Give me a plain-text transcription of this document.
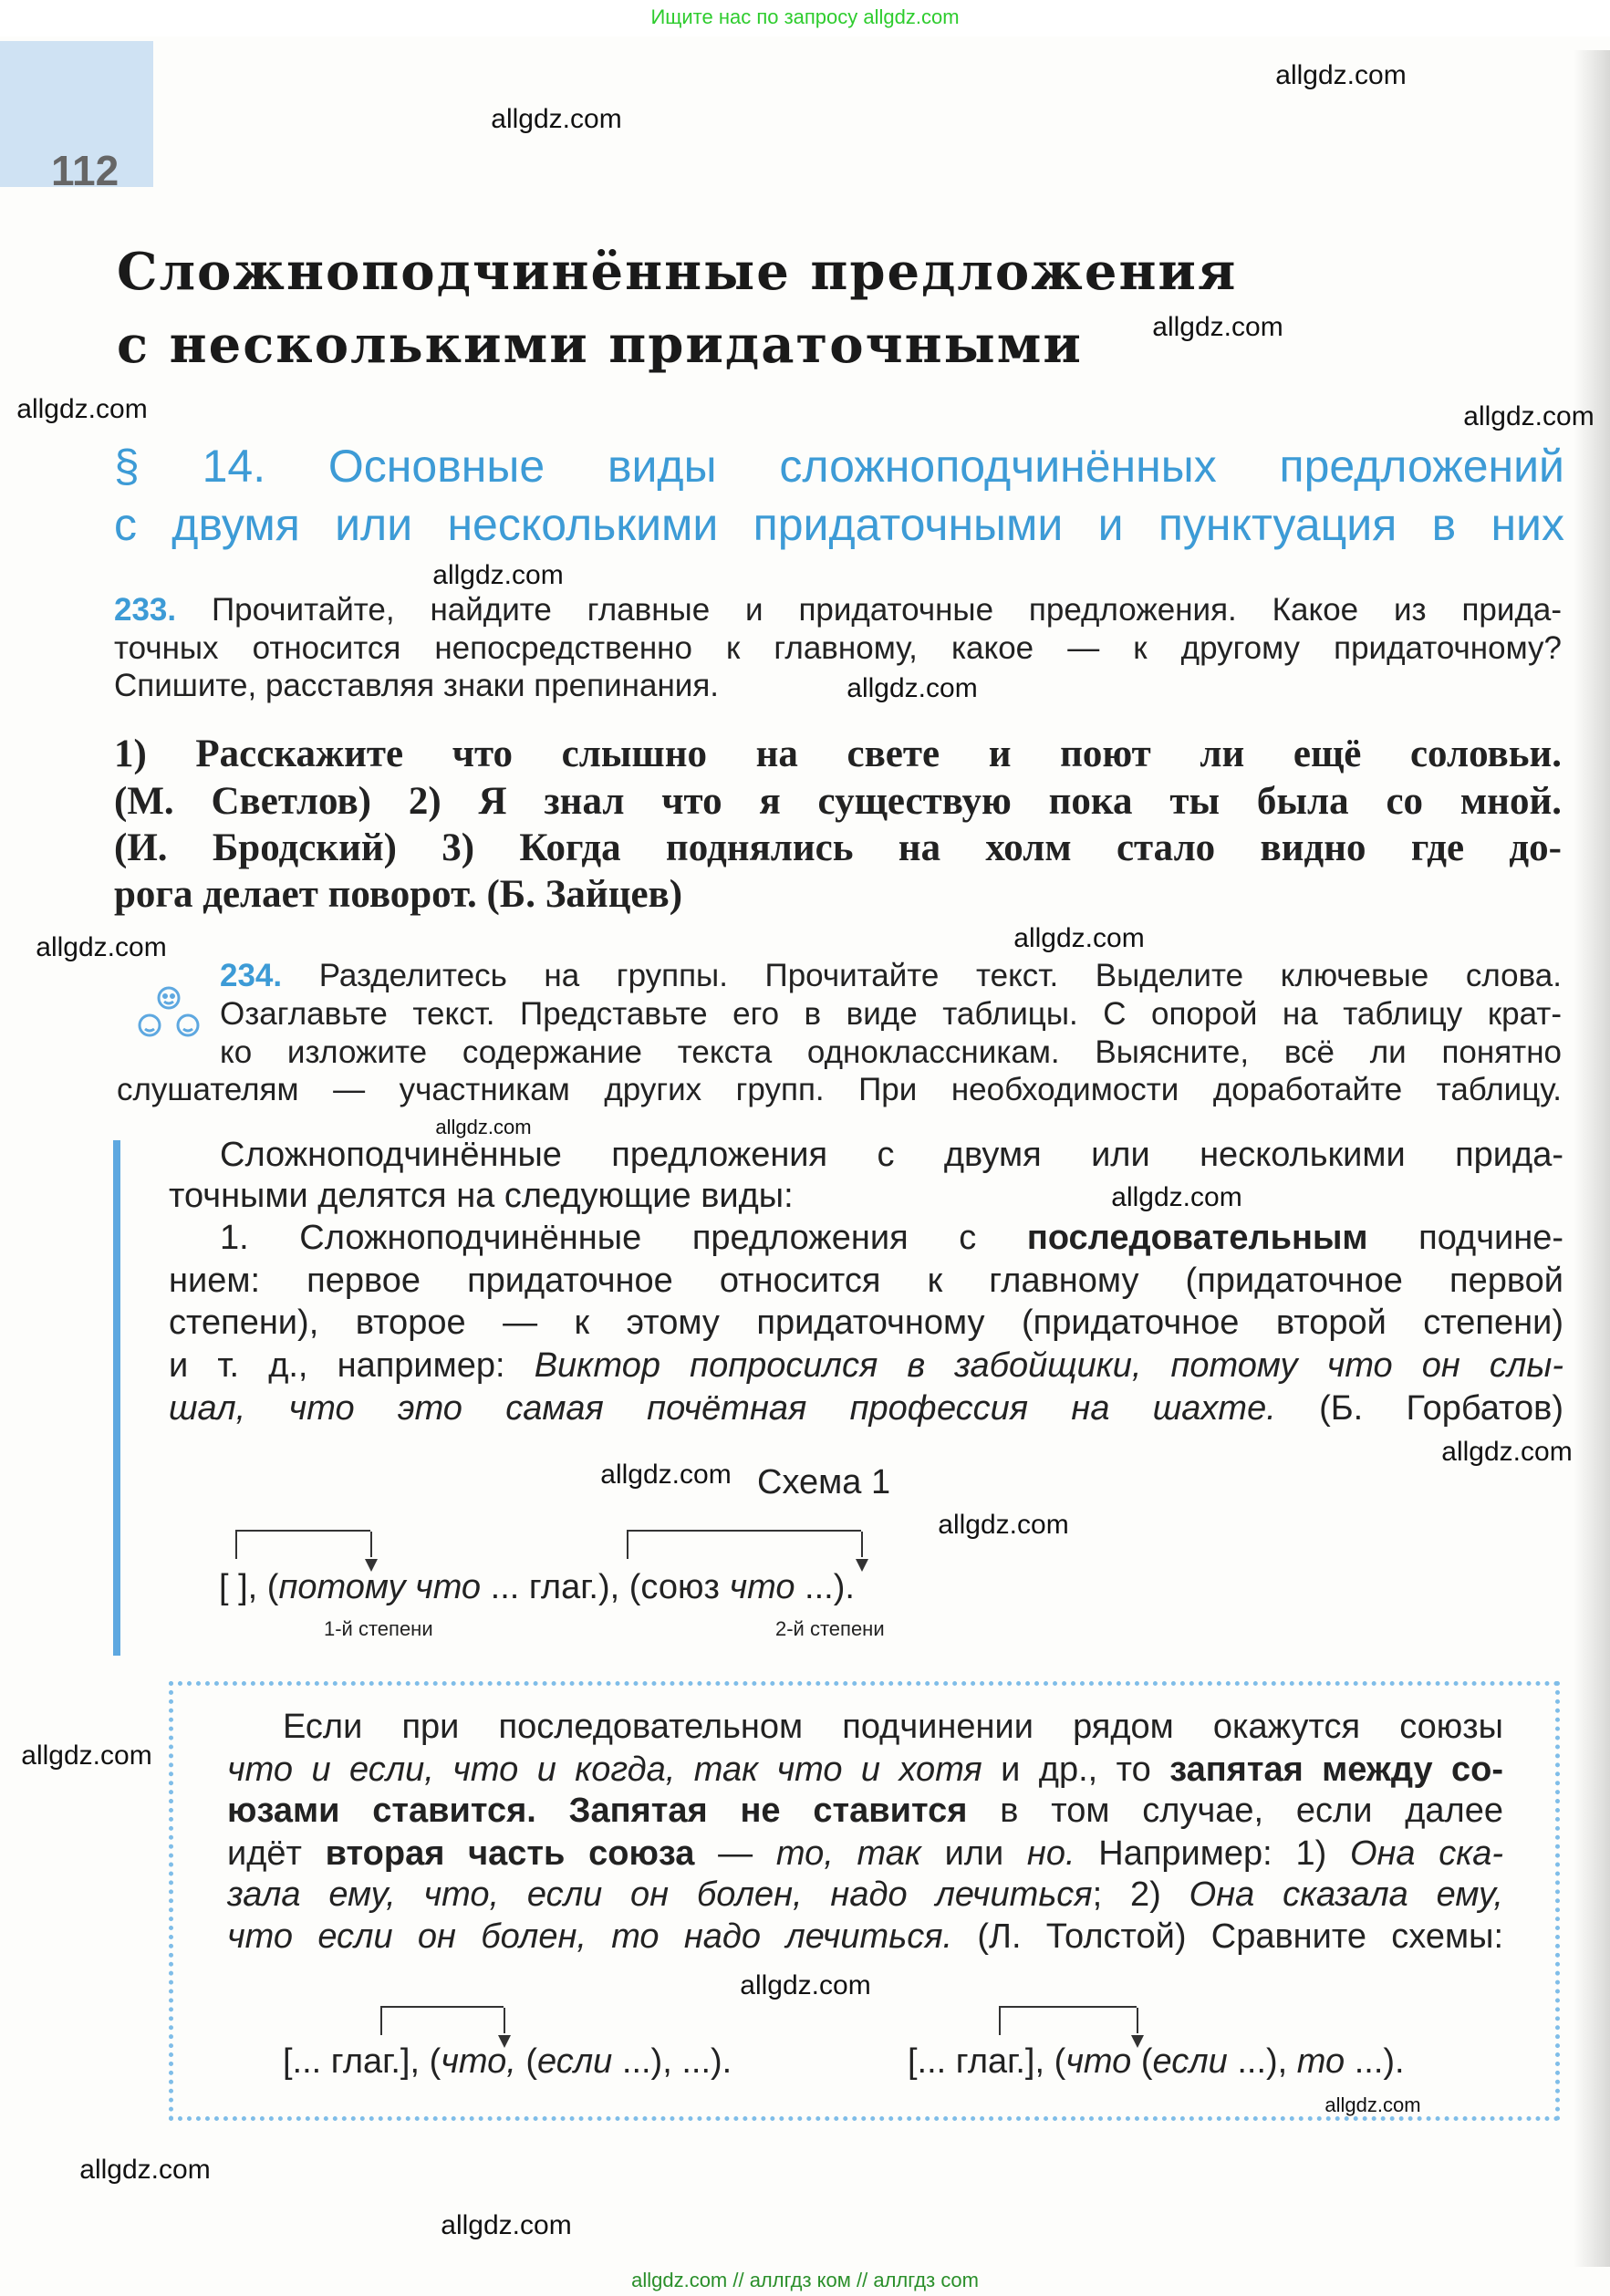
Ищите нас по запросу allgdz.com
112
Сложноподчинённые предложения
с несколькими придаточными
§ 14. Основные виды сложноподчинённых предложений
с двумя или несколькими придаточными и пунктуация в них
233. Прочитайте, найдите главные и придаточные предложения. Какое из прида-
точных относится непосредственно к главному, какое — к другому придаточному?
Спишите, расставляя знаки препинания.
1) Расскажите что слышно на свете и поют ли ещё соловьи.
(М. Светлов) 2) Я знал что я существую пока ты была со мной.
(И. Бродский) 3) Когда поднялись на холм стало видно где до-
рога делает поворот. (Б. Зайцев)
234. Разделитесь на группы. Прочитайте текст. Выделите ключевые слова.
Озаглавьте текст. Представьте его в виде таблицы. С опорой на таблицу крат-
ко изложите содержание текста одноклассникам. Выясните, всё ли понятно
слушателям — участникам других групп. При необходимости доработайте таблицу.
Сложноподчинённые предложения с двумя или несколькими прида-
точными делятся на следующие виды:
1. Сложноподчинённые предложения с последовательным подчине-
нием: первое придаточное относится к главному (придаточное первой
степени), второе — к этому придаточному (придаточное второй степени)
и т. д., например: Виктор попросился в забойщики, потому что он слы-
шал, что это самая почётная профессия на шахте. (Б. Горбатов)
Если при последовательном подчинении рядом окажутся союзы
что и если, что и когда, так что и хотя и др., то запятая между со-
юзами ставится. Запятая не ставится в том случае, если далее
идёт вторая часть союза — то, так или но. Например: 1) Она ска-
зала ему, что, если он болен, надо лечиться; 2) Она сказала ему,
что если он болен, то надо лечиться. (Л. Толстой) Сравните схемы:
Схема 1
[ ], (потому что ... глаг.), (союз что ...).
1-й степени	2-й степени
[... глаг.], (что, (если ...), ...).	[... глаг.], (что (если ...), то ...).
allgdz.com
allgdz.com
allgdz.com
allgdz.com
allgdz.com
allgdz.com
allgdz.com
allgdz.com
allgdz.com
allgdz.com
allgdz.com
allgdz.com
allgdz.com
allgdz.com
allgdz.com
allgdz.com
allgdz.com
allgdz.com
allgdz.com
allgdz.com // аллгдз ком // аллгдз com
